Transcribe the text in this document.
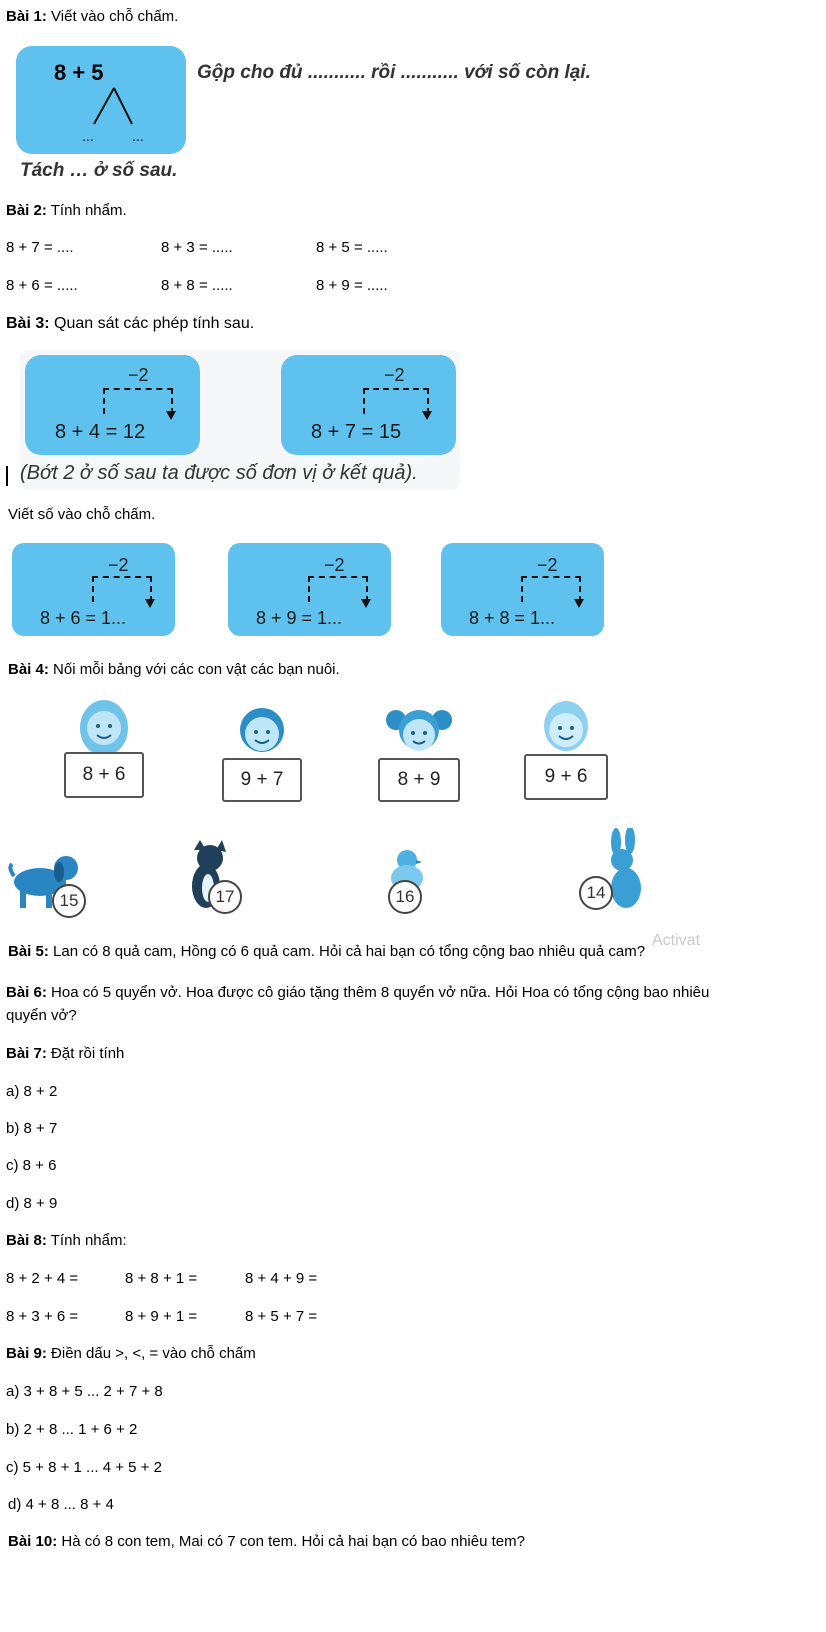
Bài 1: Viết vào chỗ chấm.
8 + 5
...	...
Gộp cho đủ ........... rồi ........... với số còn lại.
Tách … ở số sau.
Bài 2: Tính nhẩm.
8 + 7 = ....	8 + 3 = .....	8 + 5 = .....
8 + 6 = .....	8 + 8 = .....	8 + 9 = .....
Bài 3: Quan sát các phép tính sau.
−2
8 + 4 = 12
−2
8 + 7 = 15
(Bớt 2 ở số sau ta được số đơn vị ở kết quả).
Viết số vào chỗ chấm.
−2
8 + 6 = 1...
−2
8 + 9 = 1...
−2
8 + 8 = 1...
Bài 4: Nối mỗi bảng với các con vật các bạn nuôi.
8 + 6	9 + 7	8 + 9	9 + 6
15	17	16	14
Bài 5: Lan có 8 quả cam, Hồng có 6 quả cam. Hỏi cả hai bạn có tổng cộng bao nhiêu quả cam?
Activat
Bài 6: Hoa có 5 quyển vở. Hoa được cô giáo tặng thêm 8 quyển vở nữa. Hỏi Hoa có tổng cộng bao nhiêu
quyển vở?
Bài 7: Đặt rồi tính
a) 8 + 2
b) 8 + 7
c) 8 + 6
d) 8 + 9
Bài 8: Tính nhẩm:
8 + 2 + 4 =	8 + 8 + 1 =	8 + 4 + 9 =
8 + 3 + 6 =	8 + 9 + 1 =	8 + 5 + 7 =
Bài 9: Điền dấu >, <, = vào chỗ chấm
a) 3 + 8 + 5 ... 2 + 7 + 8
b) 2 + 8 ... 1 + 6 + 2
c) 5 + 8 + 1 ... 4 + 5 + 2
d) 4 + 8 ... 8 + 4
Bài 10: Hà có 8 con tem, Mai có 7 con tem. Hỏi cả hai bạn có bao nhiêu tem?
